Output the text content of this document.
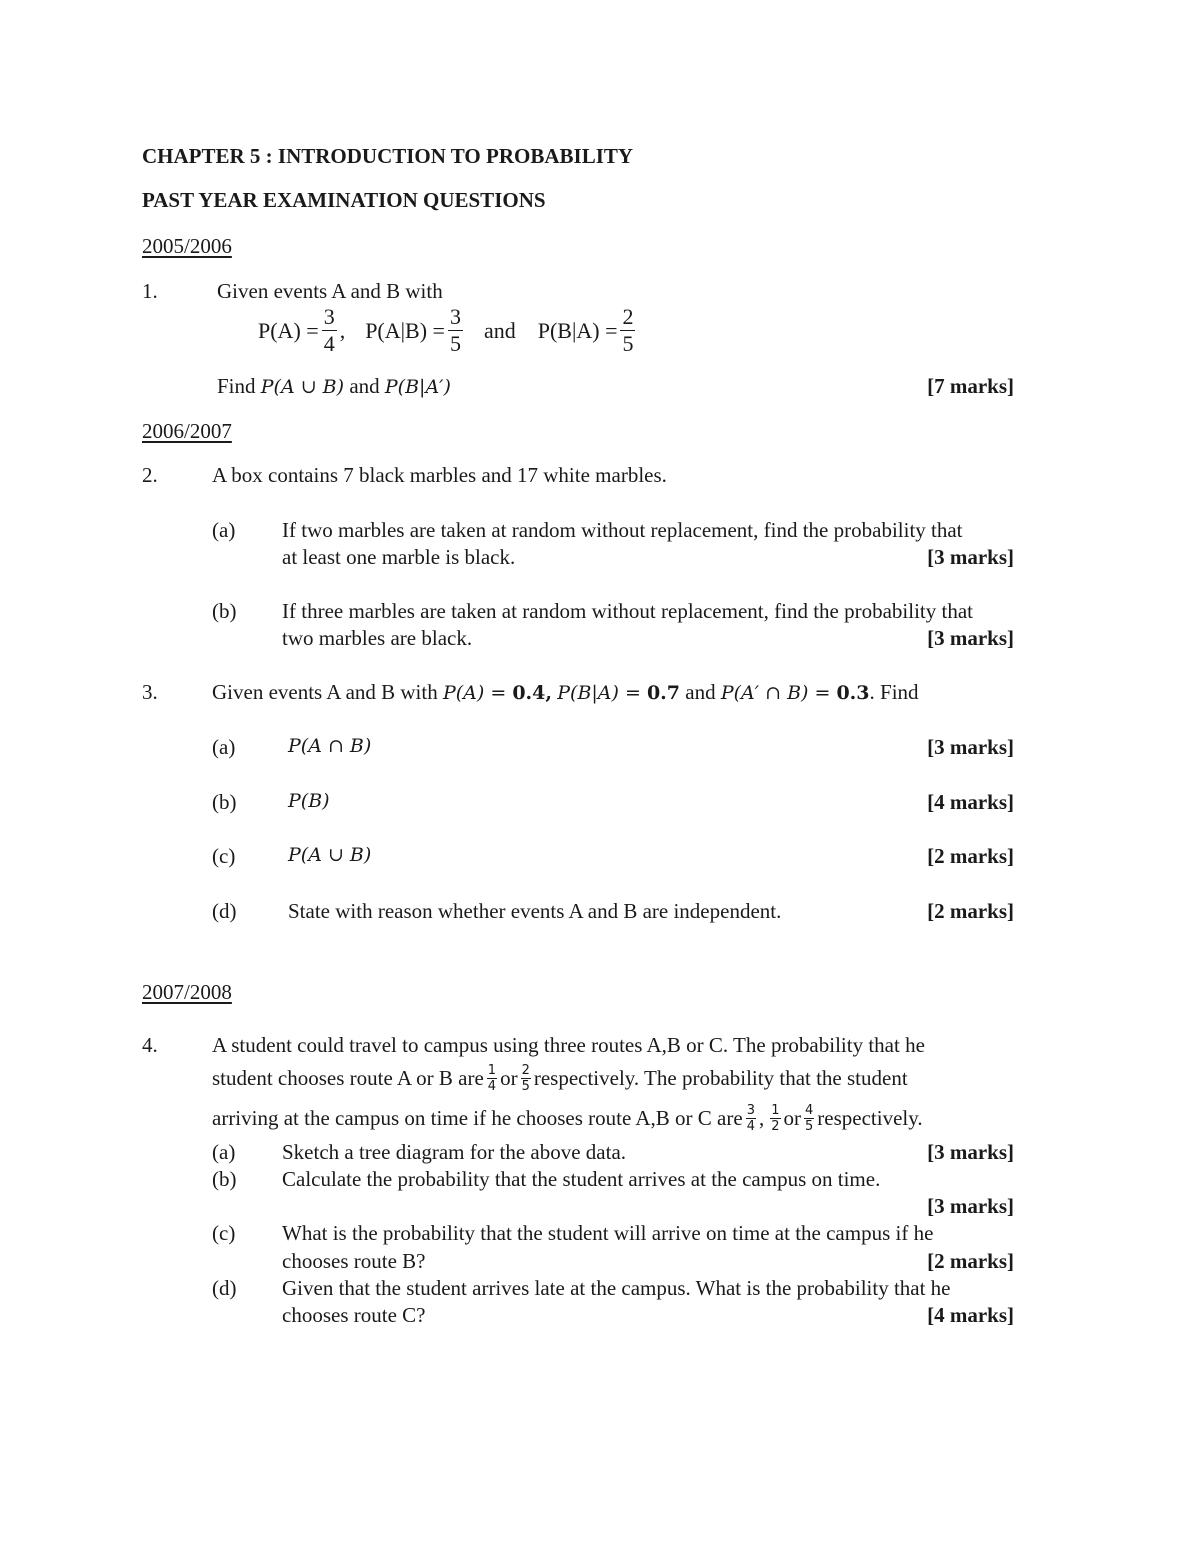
CHAPTER 5 : INTRODUCTION TO PROBABILITY
PAST YEAR EXAMINATION QUESTIONS
2005/2006
1.	Given events A and B with
$P(A) = \frac{3}{4}$ , $P(A|B) = \frac{3}{5}$ and $P(B|A) = \frac{2}{5}$
Find P(A ∪ B) and P(B|A′)	[7 marks]
2006/2007
2.	A box contains 7 black marbles and 17 white marbles.
(a) If two marbles are taken at random without replacement, find the probability that
at least one marble is black.	[3 marks]
(b) If three marbles are taken at random without replacement, find the probability that
two marbles are black.	[3 marks]
3.	Given events A and B with P(A) = 0.4, P(B|A) = 0.7 and P(A′ ∩ B) = 0.3. Find
(a)	P(A ∩ B)	[3 marks]
(b)	P(B)	[4 marks]
(c)	P(A ∪ B)	[2 marks]
(d) State with reason whether events A and B are independent.	[2 marks]
2007/2008
4.	A student could travel to campus using three routes A,B or C. The probability that he
student chooses route A or B are $\frac{1}{4}$ or $\frac{2}{5}$ respectively. The probability that the student
arriving at the campus on time if he chooses route A,B or C are $\frac{3}{4}$ , $\frac{1}{2}$ or $\frac{4}{5}$ respectively.
(a) Sketch a tree diagram for the above data.	[3 marks]
(b) Calculate the probability that the student arrives at the campus on time.
[3 marks]
(c) What is the probability that the student will arrive on time at the campus if he
chooses route B?	[2 marks]
(d) Given that the student arrives late at the campus. What is the probability that he
chooses route C?	[4 marks]
